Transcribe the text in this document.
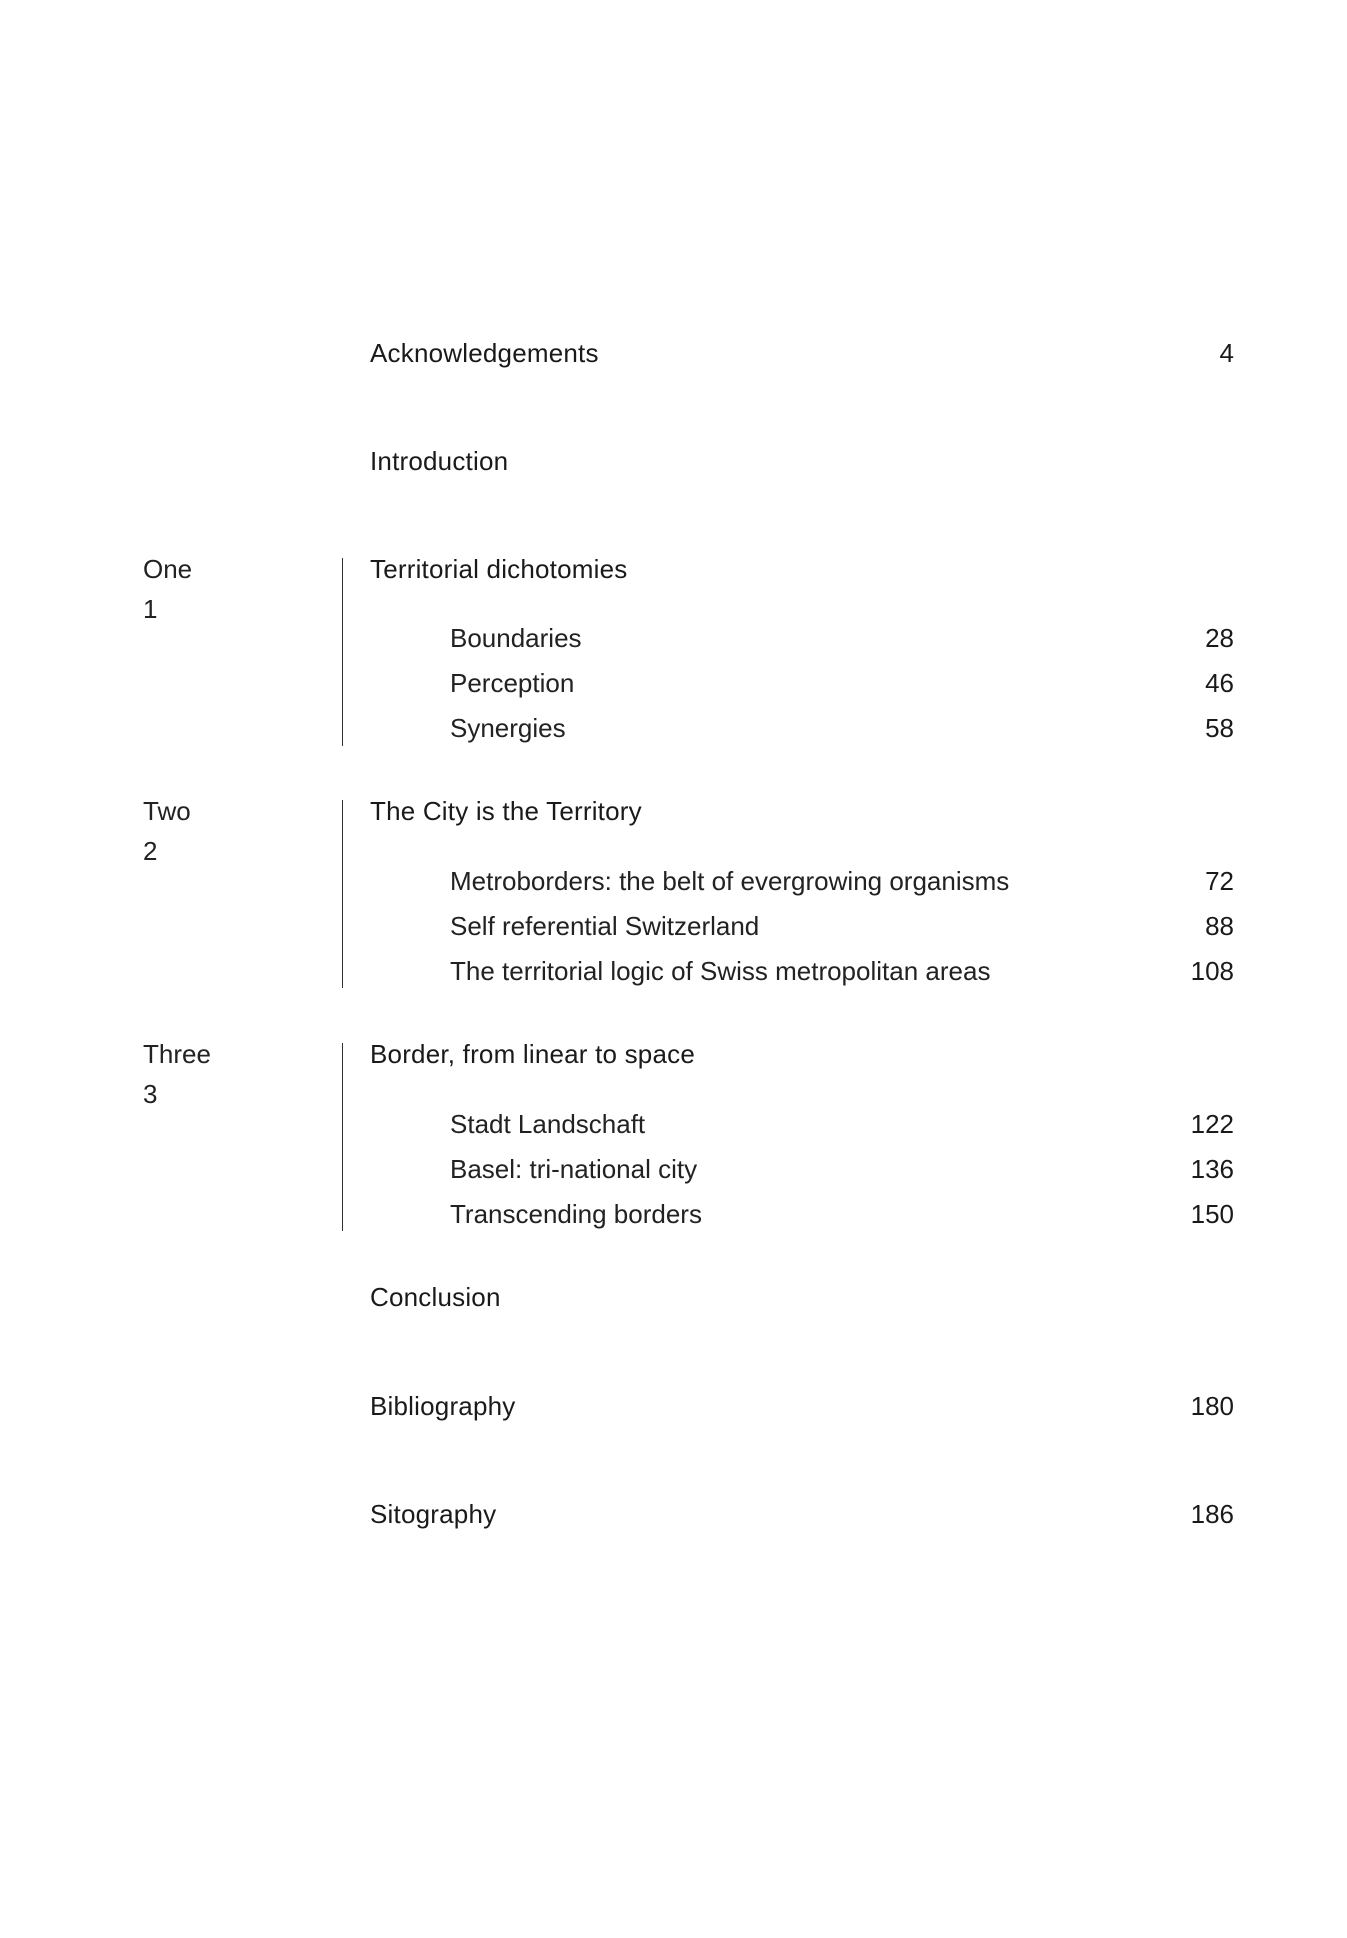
Acknowledgements	4
Introduction
One
1
Territorial dichotomies
Boundaries	28
Perception	46
Synergies	58
Two
2
The City is the Territory
Metroborders: the belt of evergrowing organisms	72
Self referential Switzerland	88
The territorial logic of Swiss metropolitan areas	108
Three
3
Border, from linear to space
Stadt Landschaft	122
Basel: tri-national city	136
Transcending borders	150
Conclusion
Bibliography	180
Sitography	186
